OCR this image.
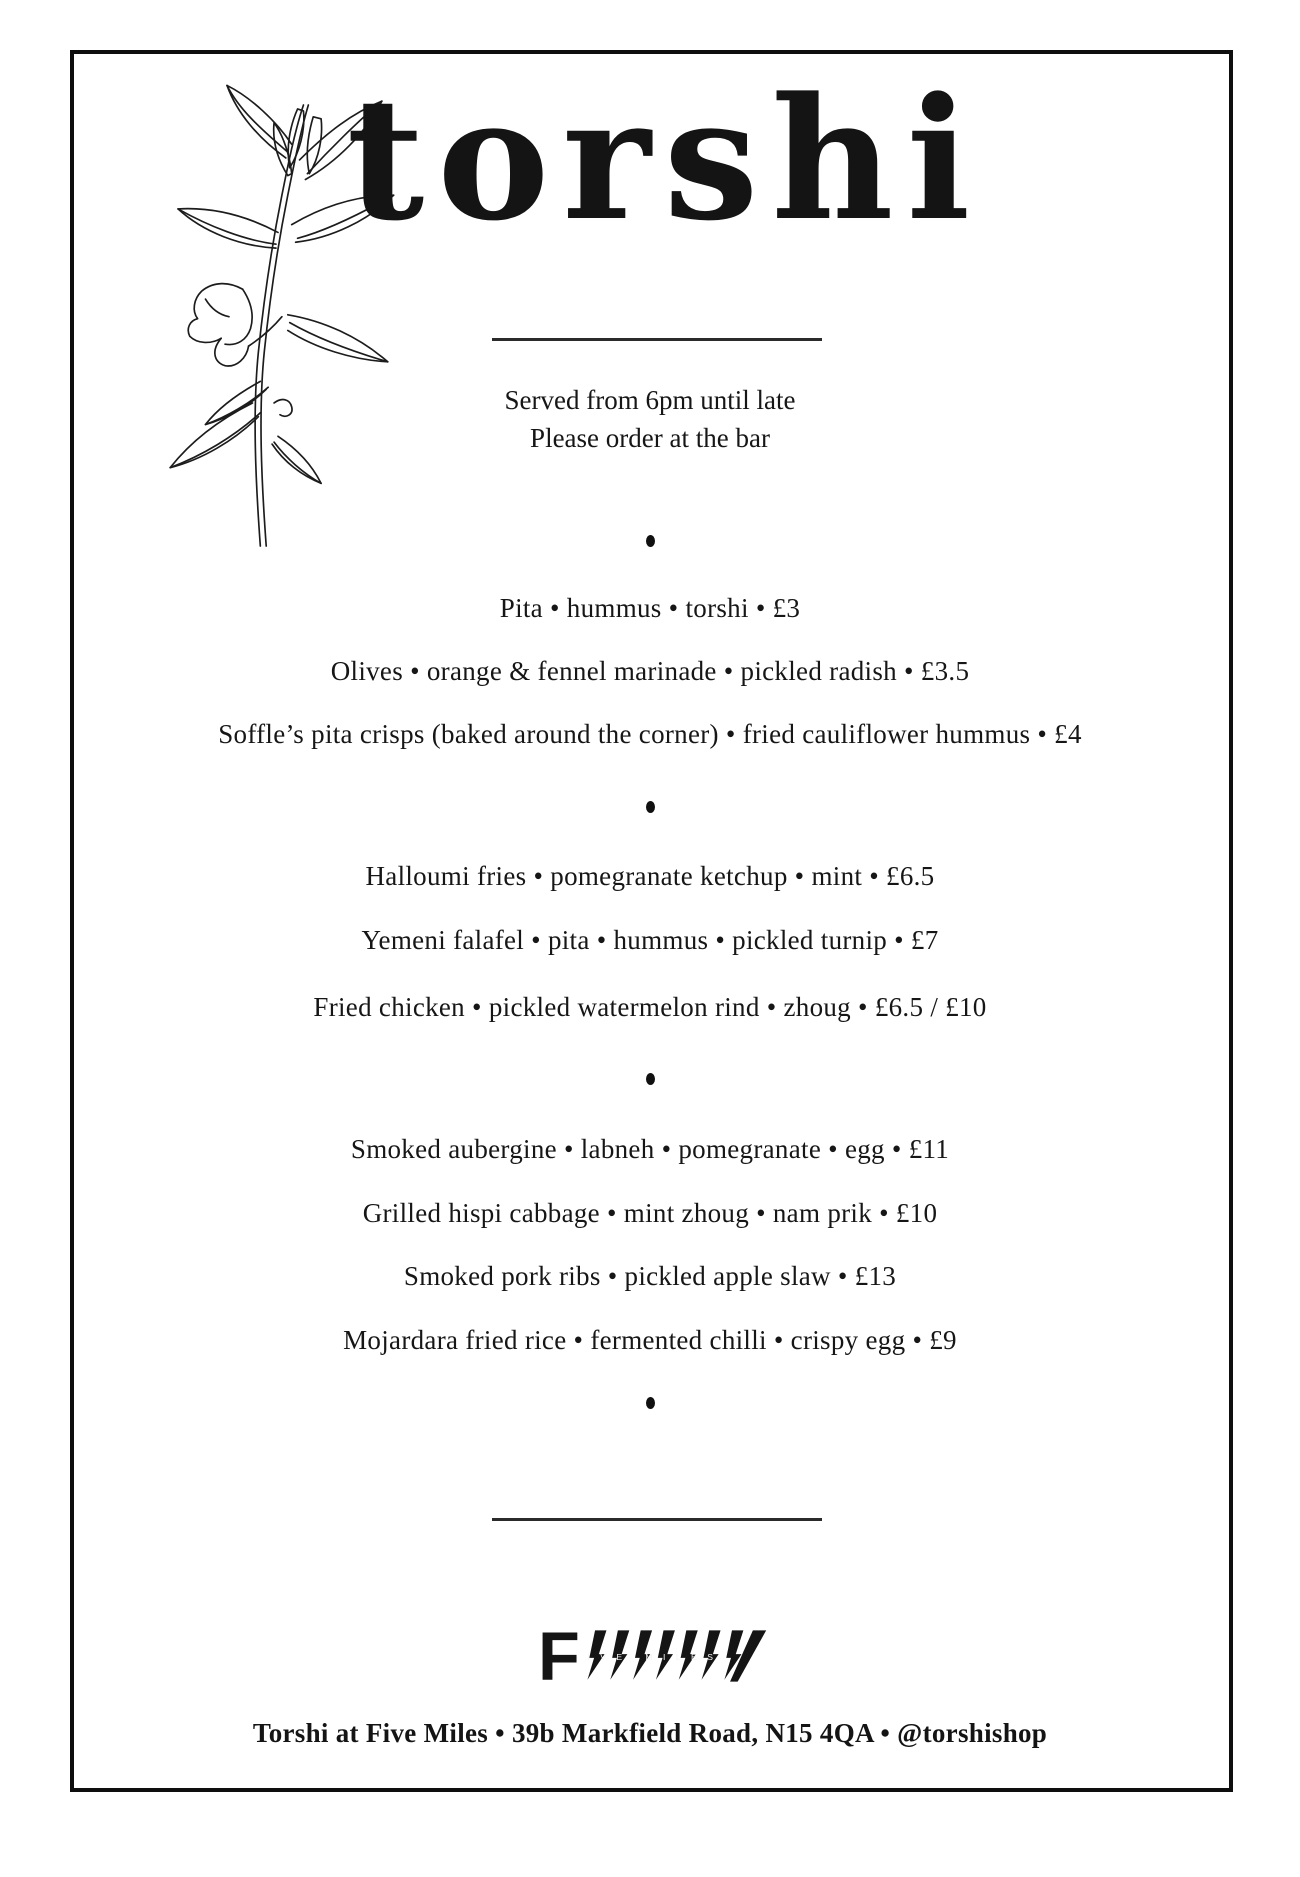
torshi

Served from 6pm until late

Please order at the bar

Pita • hummus • torshi • £3

Olives • orange & fennel marinade • pickled radish • £3.5

Soffle’s pita crisps (baked around the corner) • fried cauliflower hummus • £4

Halloumi fries • pomegranate ketchup • mint • £6.5

Yemeni falafel • pita • hummus • pickled turnip • £7

Fried chicken • pickled watermelon rind • zhoug • £6.5 / £10

Smoked aubergine • labneh • pomegranate • egg • £11

Grilled hispi cabbage • mint zhoug • nam prik • £10

Smoked pork ribs • pickled apple slaw • £13

Mojardara fried rice • fermented chilli • crispy egg • £9

F IVE MILES

Torshi at Five Miles • 39b Markfield Road, N15 4QA • @torshishop
